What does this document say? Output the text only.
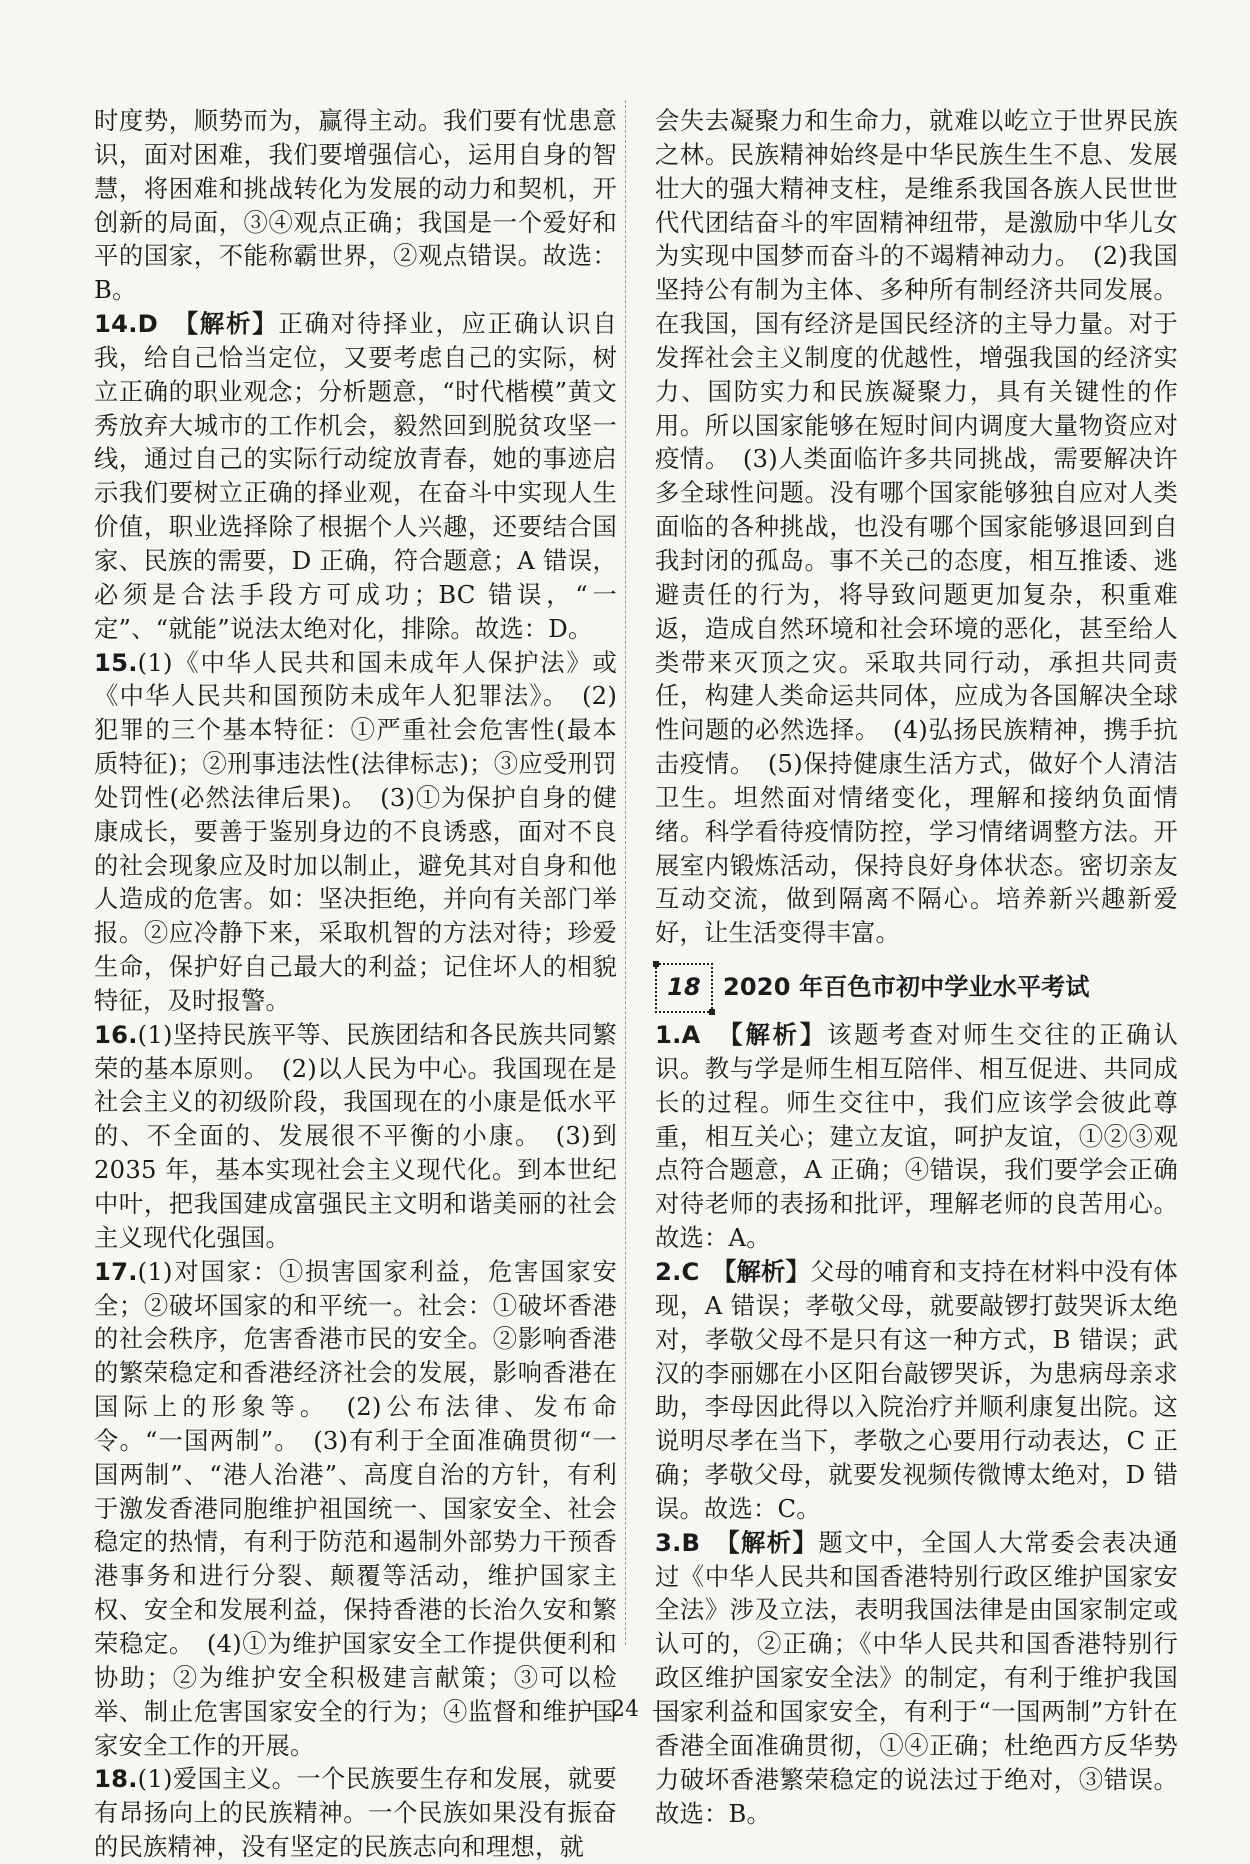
时度势，顺势而为，赢得主动。我们要有忧患意识，面对困难，我们要增强信心，运用自身的智慧，将困难和挑战转化为发展的动力和契机，开创新的局面，③④观点正确；我国是一个爱好和平的国家，不能称霸世界，②观点错误。故选：B。

14.D　【解析】正确对待择业，应正确认识自我，给自己恰当定位，又要考虑自己的实际，树立正确的职业观念；分析题意，“时代楷模”黄文秀放弃大城市的工作机会，毅然回到脱贫攻坚一线，通过自己的实际行动绽放青春，她的事迹启示我们要树立正确的择业观，在奋斗中实现人生价值，职业选择除了根据个人兴趣，还要结合国家、民族的需要，D 正确，符合题意；A 错误，必须是合法手段方可成功；BC 错误，“一定”、“就能”说法太绝对化，排除。故选：D。

15.(1)《中华人民共和国未成年人保护法》或《中华人民共和国预防未成年人犯罪法》。　(2)犯罪的三个基本特征：①严重社会危害性(最本质特征)；②刑事违法性(法律标志)；③应受刑罚处罚性(必然法律后果)。　(3)①为保护自身的健康成长，要善于鉴别身边的不良诱惑，面对不良的社会现象应及时加以制止，避免其对自身和他人造成的危害。如：坚决拒绝，并向有关部门举报。②应冷静下来，采取机智的方法对待；珍爱生命，保护好自己最大的利益；记住坏人的相貌特征，及时报警。

16.(1)坚持民族平等、民族团结和各民族共同繁荣的基本原则。　(2)以人民为中心。我国现在是社会主义的初级阶段，我国现在的小康是低水平的、不全面的、发展很不平衡的小康。　(3)到2035 年，基本实现社会主义现代化。到本世纪中叶，把我国建成富强民主文明和谐美丽的社会主义现代化强国。

17.(1)对国家：①损害国家利益，危害国家安全；②破坏国家的和平统一。社会：①破坏香港的社会秩序，危害香港市民的安全。②影响香港的繁荣稳定和香港经济社会的发展，影响香港在国际上的形象等。　(2)公布法律、发布命令。“一国两制”。　(3)有利于全面准确贯彻“一国两制”、“港人治港”、高度自治的方针，有利于激发香港同胞维护祖国统一、国家安全、社会稳定的热情，有利于防范和遏制外部势力干预香港事务和进行分裂、颠覆等活动，维护国家主权、安全和发展利益，保持香港的长治久安和繁荣稳定。　(4)①为维护国家安全工作提供便利和协助；②为维护安全积极建言献策；③可以检举、制止危害国家安全的行为；④监督和维护国家安全工作的开展。

18.(1)爱国主义。一个民族要生存和发展，就要有昂扬向上的民族精神。一个民族如果没有振奋的民族精神，没有坚定的民族志向和理想，就

会失去凝聚力和生命力，就难以屹立于世界民族之林。民族精神始终是中华民族生生不息、发展壮大的强大精神支柱，是维系我国各族人民世世代代团结奋斗的牢固精神纽带，是激励中华儿女为实现中国梦而奋斗的不竭精神动力。　(2)我国坚持公有制为主体、多种所有制经济共同发展。在我国，国有经济是国民经济的主导力量。对于发挥社会主义制度的优越性，增强我国的经济实力、国防实力和民族凝聚力，具有关键性的作用。所以国家能够在短时间内调度大量物资应对疫情。　(3)人类面临许多共同挑战，需要解决许多全球性问题。没有哪个国家能够独自应对人类面临的各种挑战，也没有哪个国家能够退回到自我封闭的孤岛。事不关己的态度，相互推诿、逃避责任的行为，将导致问题更加复杂，积重难返，造成自然环境和社会环境的恶化，甚至给人类带来灭顶之灾。采取共同行动，承担共同责任，构建人类命运共同体，应成为各国解决全球性问题的必然选择。　(4)弘扬民族精神，携手抗击疫情。　(5)保持健康生活方式，做好个人清洁卫生。坦然面对情绪变化，理解和接纳负面情绪。科学看待疫情防控，学习情绪调整方法。开展室内锻炼活动，保持良好身体状态。密切亲友互动交流，做到隔离不隔心。培养新兴趣新爱好，让生活变得丰富。

18 2020 年百色市初中学业水平考试

1.A　【解析】该题考查对师生交往的正确认识。教与学是师生相互陪伴、相互促进、共同成长的过程。师生交往中，我们应该学会彼此尊重，相互关心；建立友谊，呵护友谊，①②③观点符合题意，A 正确；④错误，我们要学会正确对待老师的表扬和批评，理解老师的良苦用心。故选：A。

2.C　【解析】父母的哺育和支持在材料中没有体现，A 错误；孝敬父母，就要敲锣打鼓哭诉太绝对，孝敬父母不是只有这一种方式，B 错误；武汉的李丽娜在小区阳台敲锣哭诉，为患病母亲求助，李母因此得以入院治疗并顺利康复出院。这说明尽孝在当下，孝敬之心要用行动表达，C 正确；孝敬父母，就要发视频传微博太绝对，D 错误。故选：C。

3.B　【解析】题文中，全国人大常委会表决通过《中华人民共和国香港特别行政区维护国家安全法》涉及立法，表明我国法律是由国家制定或认可的，②正确；《中华人民共和国香港特别行政区维护国家安全法》的制定，有利于维护我国国家利益和国家安全，有利于“一国两制”方针在香港全面准确贯彻，①④正确；杜绝西方反华势力破坏香港繁荣稳定的说法过于绝对，③错误。故选：B。

24
